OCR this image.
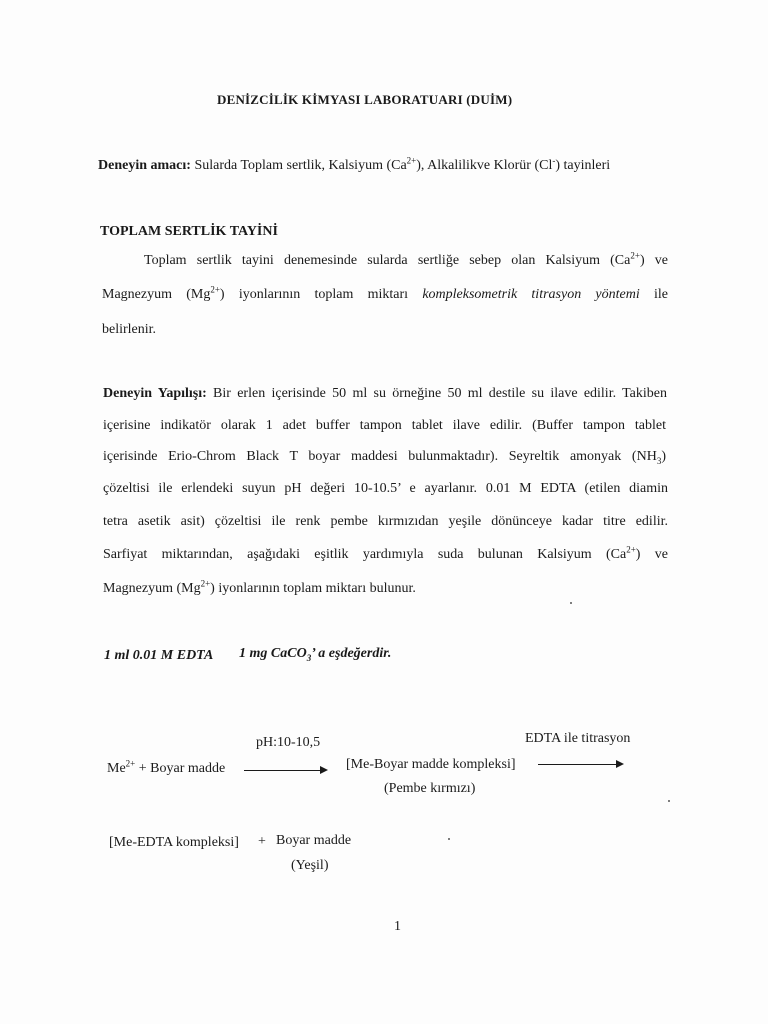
DENİZCİLİK KİMYASI LABORATUARI (DUİM)
Deneyin amacı: Sularda Toplam sertlik, Kalsiyum $(Ca^{2+})$, Alkalilikve Klorür (Cl-) tayinleri
TOPLAM SERTLİK TAYİNİ
Toplam sertlik tayini denemesinde sularda sertliğe sebep olan Kalsiyum $(Ca^{2+})$ ve
Magnezyum $(Mg^{2+})$ iyonlarının toplam miktarı kompleksometrik titrasyon yöntemi ile
belirlenir.
Deneyin Yapılışı: Bir erlen içerisinde 50 ml su örneğine 50 ml destile su ilave edilir. Takiben
içerisine indikatör olarak 1 adet buffer tampon tablet ilave edilir. (Buffer tampon tablet
içerisinde Erio-Chrom Black T boyar maddesi bulunmaktadır). Seyreltik amonyak $(NH_3)$
çözeltisi ile erlendeki suyun pH değeri 10-10.5’ e ayarlanır. 0.01 M EDTA (etilen diamin
tetra asetik asit) çözeltisi ile renk pembe kırmızıdan yeşile dönünceye kadar titre edilir.
Sarfiyat miktarından, aşağıdaki eşitlik yardımıyla suda bulunan Kalsiyum $(Ca^{2+})$ ve
Magnezyum $(Mg^{2+})$ iyonlarının toplam miktarı bulunur.
1 ml 0.01 M EDTA 1 mg CaCO$_3$’ a eşdeğerdir.
pH:10-10,5	EDTA ile titrasyon
$Me^{2+}$ + Boyar madde	[Me-Boyar madde kompleksi]
(Pembe kırmızı)
[Me-EDTA kompleksi] + Boyar madde
(Yeşil)
1
